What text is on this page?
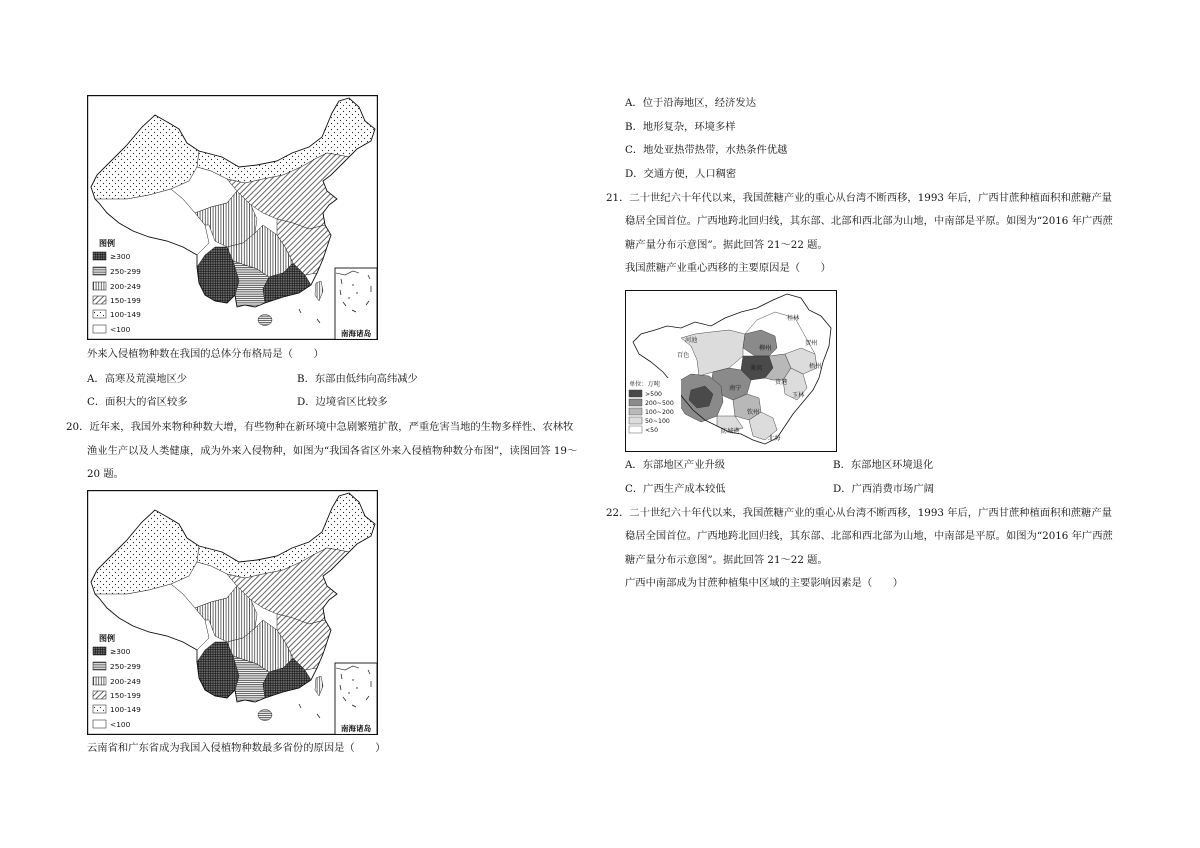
图例
≥300
250-299
200-249
150-199
100-149
<100	南海诸岛
外来入侵植物种数在我国的总体分布格局是（　　）
A．高寒及荒漠地区少	B．东部由低纬向高纬减少
C．面积大的省区较多	D．边境省区比较多
20．近年来，我国外来物种种数大增，有些物种在新环境中急剧繁殖扩散，严重危害当地的生物多样性、农林牧
渔业生产以及人类健康，成为外来入侵物种，如图为“我国各省区外来入侵植物种数分布图”，读图回答 19～
20 题。
图例
≥300
250-299
200-249
150-199
100-149
<100	南海诸岛
云南省和广东省成为我国入侵植物种数最多省份的原因是（　　）
A．位于沿海地区，经济发达
B．地形复杂，环境多样
C．地处亚热带热带，水热条件优越
D．交通方便，人口稠密
21．二十世纪六十年代以来，我国蔗糖产业的重心从台湾不断西移，1993 年后，广西甘蔗种植面积和蔗糖产量
稳居全国首位。广西地跨北回归线，其东部、北部和西北部为山地，中南部是平原。如图为“2016 年广西蔗
糖产量分布示意图”。据此回答 21～22 题。
我国蔗糖产业重心西移的主要原因是（　　）
桂林
河池
百色
柳州
贺州
来宾	梧州
南宁
贵港
玉林
钦州
防城港
北海
单位：万吨
>500
200~500
100~200
50~100
<50
A．东部地区产业升级	B．东部地区环境退化
C．广西生产成本较低	D．广西消费市场广阔
22．二十世纪六十年代以来，我国蔗糖产业的重心从台湾不断西移，1993 年后，广西甘蔗种植面积和蔗糖产量
稳居全国首位。广西地跨北回归线，其东部、北部和西北部为山地，中南部是平原。如图为“2016 年广西蔗
糖产量分布示意图”。据此回答 21～22 题。
广西中南部成为甘蔗种植集中区域的主要影响因素是（　　）
